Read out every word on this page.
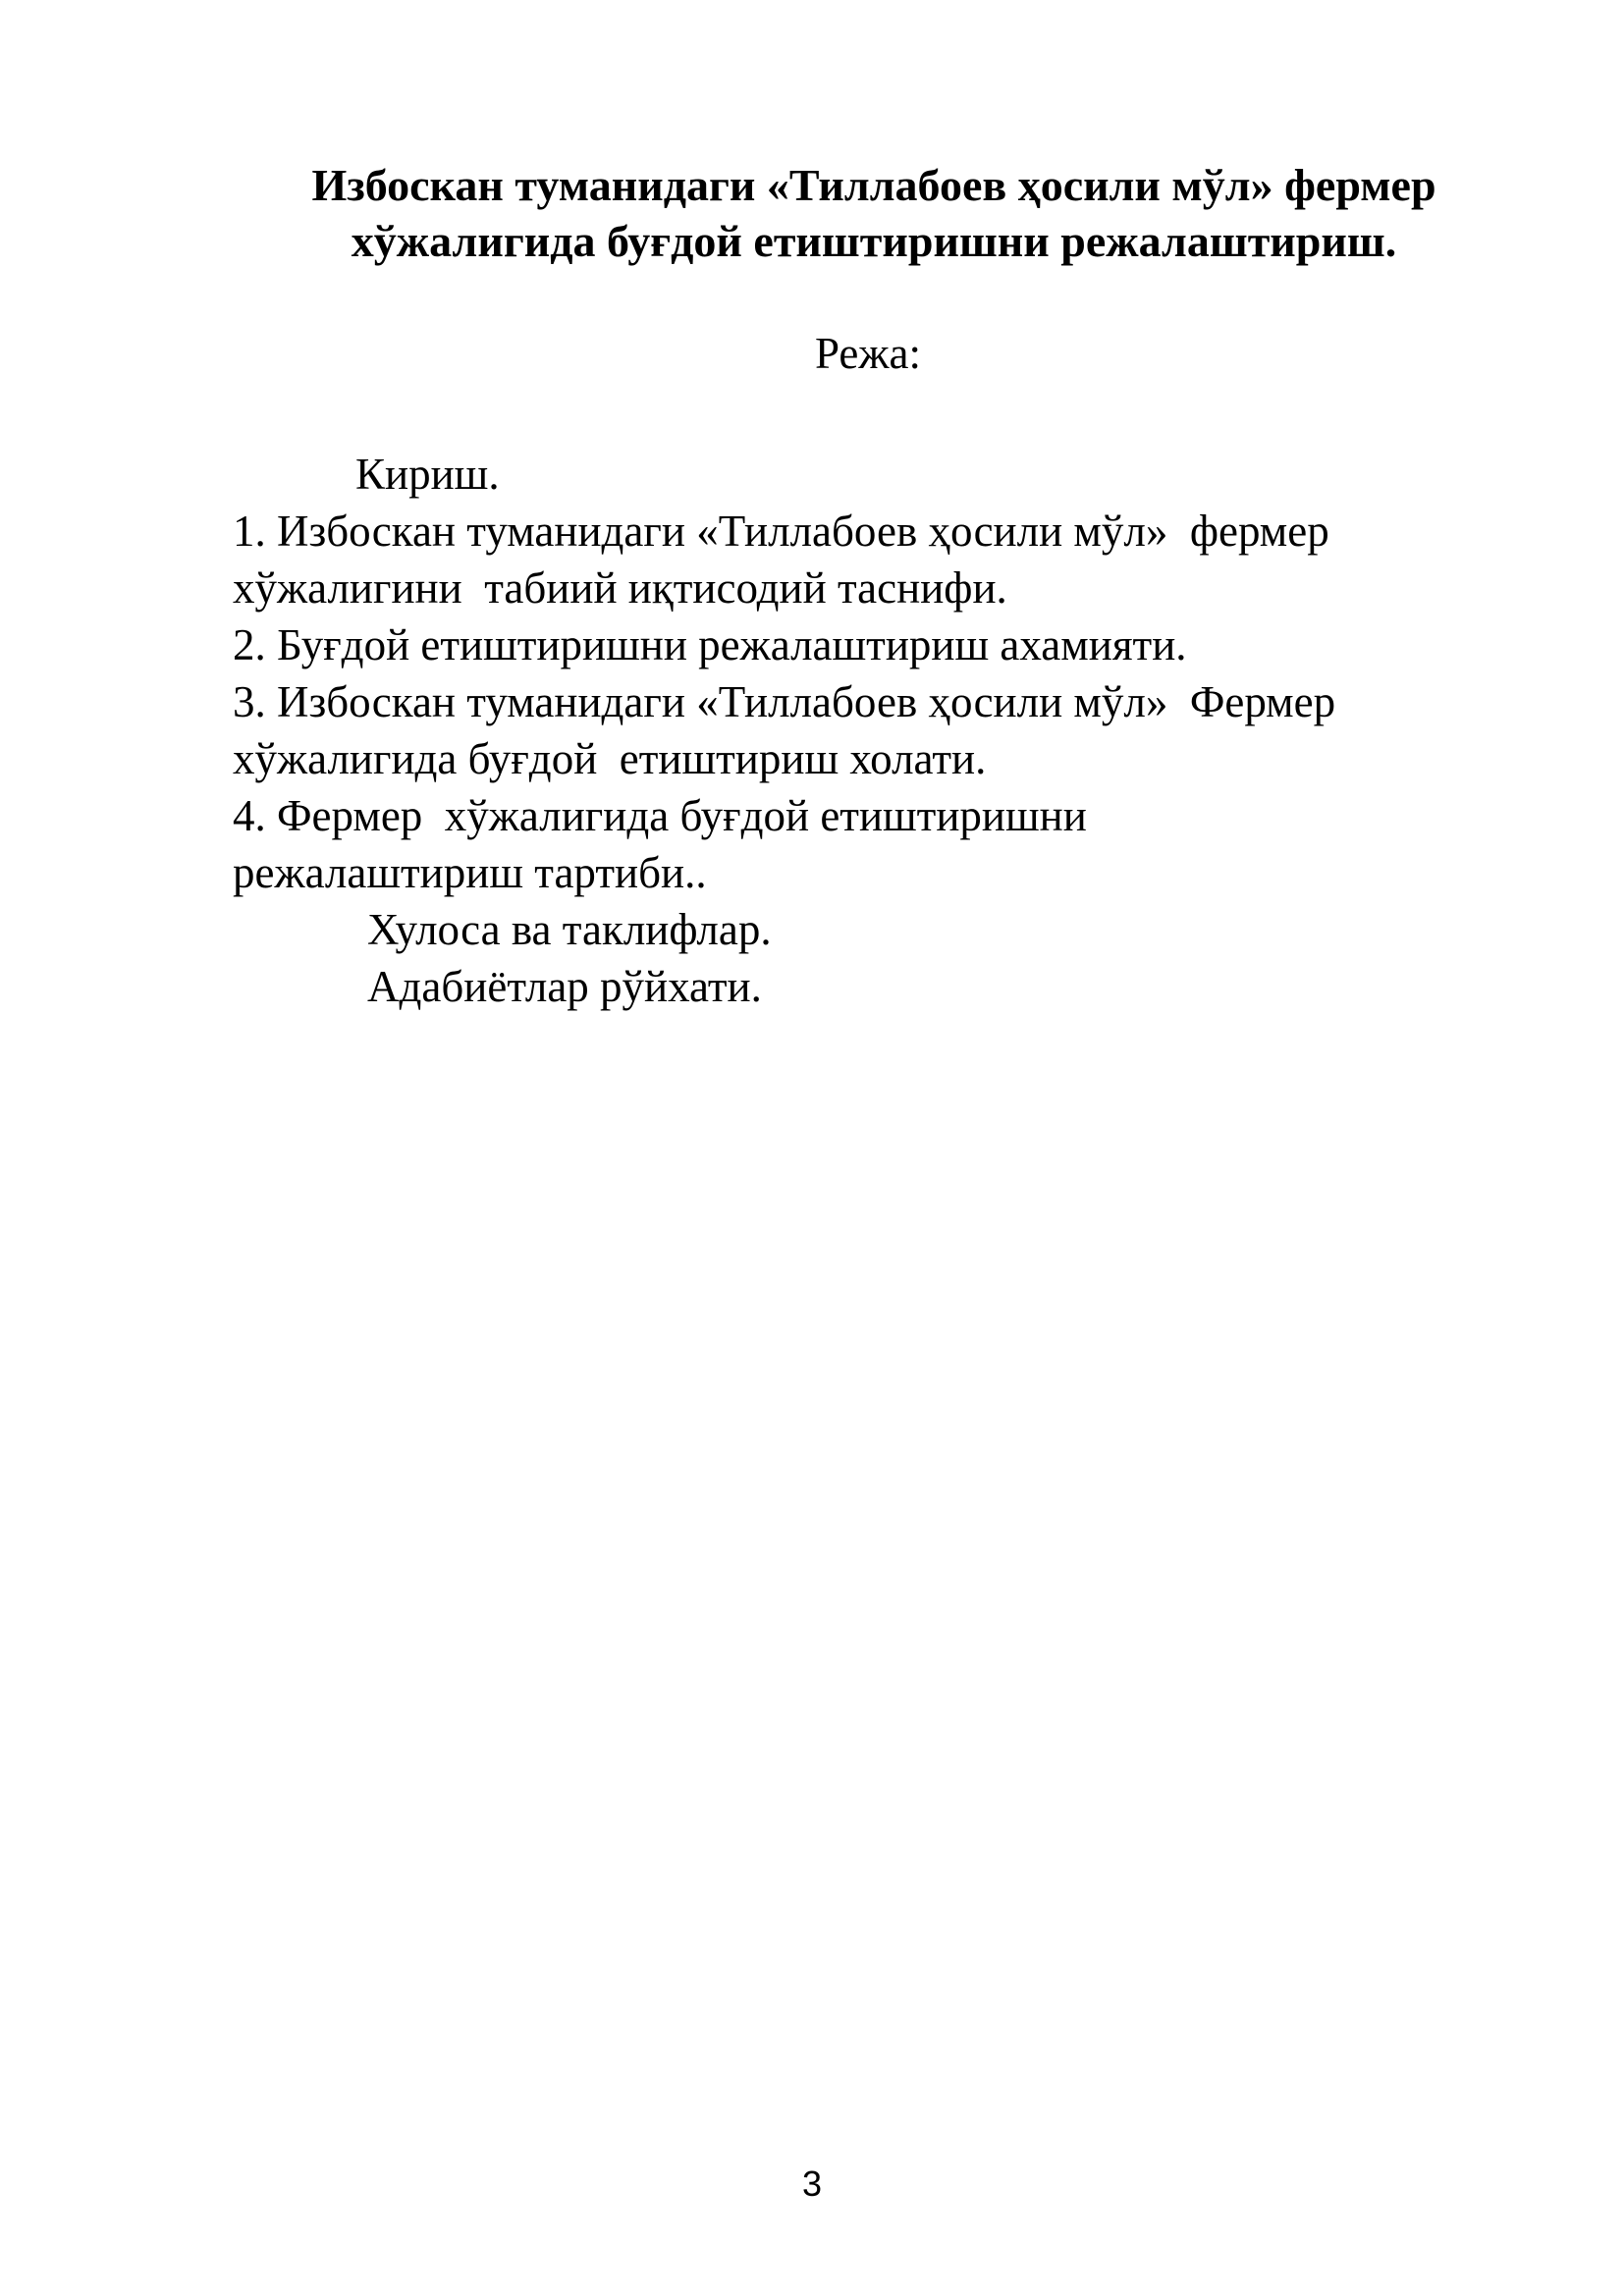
Избоскан туманидаги «Тиллабоев ҳосили мўл» фермер
хўжалигида буғдой етиштиришни режалаштириш.
Режа:
Кириш.
1. Избоскан туманидаги «Тиллабоев ҳосили мўл»  фермер
хўжалигини  табиий иқтисодий таснифи.
2. Буғдой етиштиришни режалаштириш ахамияти.
3. Избоскан туманидаги «Тиллабоев ҳосили мўл»  Фермер
хўжалигида буғдой  етиштириш холати.
4. Фермер  хўжалигида буғдой етиштиришни
режалаштириш тартиби..
Хулоса ва таклифлар.
Адабиётлар рўйхати.
3
